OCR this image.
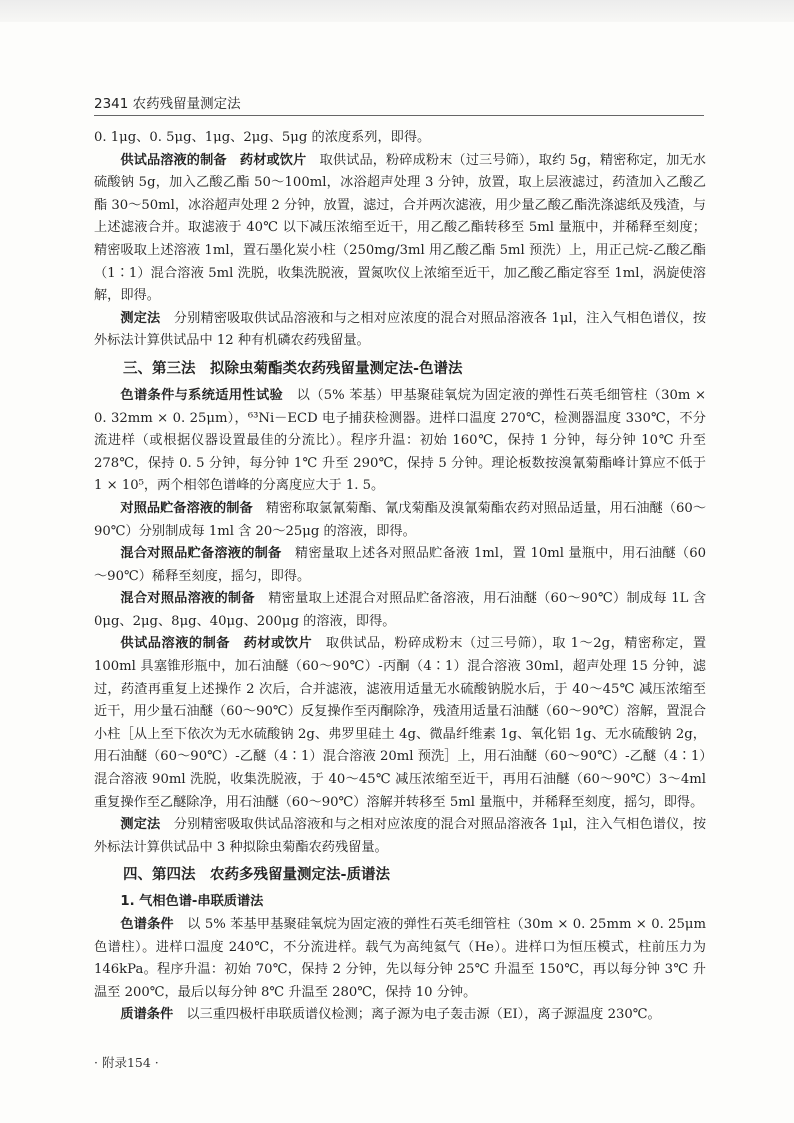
2341 农药残留量测定法

0. 1μg、0. 5μg、1μg、2μg、5μg 的浓度系列，即得。

供试品溶液的制备　药材或饮片　取供试品，粉碎成粉末（过三号筛），取约 5g，精密称定，加无水硫酸钠 5g，加入乙酸乙酯 50～100ml，冰浴超声处理 3 分钟，放置，取上层液滤过，药渣加入乙酸乙酯 30～50ml，冰浴超声处理 2 分钟，放置，滤过，合并两次滤液，用少量乙酸乙酯洗涤滤纸及残渣，与上述滤液合并。取滤液于 40℃ 以下减压浓缩至近干，用乙酸乙酯转移至 5ml 量瓶中，并稀释至刻度；精密吸取上述溶液 1ml，置石墨化炭小柱（250mg/3ml 用乙酸乙酯 5ml 预洗）上，用正己烷-乙酸乙酯（1∶1）混合溶液 5ml 洗脱，收集洗脱液，置氮吹仪上浓缩至近干，加乙酸乙酯定容至 1ml，涡旋使溶解，即得。

测定法　分别精密吸取供试品溶液和与之相对应浓度的混合对照品溶液各 1μl，注入气相色谱仪，按外标法计算供试品中 12 种有机磷农药残留量。

三、第三法　拟除虫菊酯类农药残留量测定法-色谱法

色谱条件与系统适用性试验　以（5% 苯基）甲基聚硅氧烷为固定液的弹性石英毛细管柱（30m × 0. 32mm × 0. 25μm），⁶³Ni－ECD 电子捕获检测器。进样口温度 270℃，检测器温度 330℃，不分流进样（或根据仪器设置最佳的分流比）。程序升温：初始 160℃，保持 1 分钟，每分钟 10℃ 升至 278℃，保持 0. 5 分钟，每分钟 1℃ 升至 290℃，保持 5 分钟。理论板数按溴氰菊酯峰计算应不低于 1 × 10⁵，两个相邻色谱峰的分离度应大于 1. 5。

对照品贮备溶液的制备　精密称取氯氰菊酯、氰戊菊酯及溴氰菊酯农药对照品适量，用石油醚（60～90℃）分别制成每 1ml 含 20～25μg 的溶液，即得。

混合对照品贮备溶液的制备　精密量取上述各对照品贮备液 1ml，置 10ml 量瓶中，用石油醚（60～90℃）稀释至刻度，摇匀，即得。

混合对照品溶液的制备　精密量取上述混合对照品贮备溶液，用石油醚（60～90℃）制成每 1L 含 0μg、2μg、8μg、40μg、200μg 的溶液，即得。

供试品溶液的制备　药材或饮片　取供试品，粉碎成粉末（过三号筛），取 1～2g，精密称定，置 100ml 具塞锥形瓶中，加石油醚（60～90℃）-丙酮（4∶1）混合溶液 30ml，超声处理 15 分钟，滤过，药渣再重复上述操作 2 次后，合并滤液，滤液用适量无水硫酸钠脱水后，于 40～45℃ 减压浓缩至近干，用少量石油醚（60～90℃）反复操作至丙酮除净，残渣用适量石油醚（60～90℃）溶解，置混合小柱［从上至下依次为无水硫酸钠 2g、弗罗里硅土 4g、微晶纤维素 1g、氧化铝 1g、无水硫酸钠 2g，用石油醚（60～90℃）-乙醚（4∶1）混合溶液 20ml 预洗］上，用石油醚（60～90℃）-乙醚（4∶1）混合溶液 90ml 洗脱，收集洗脱液，于 40～45℃ 减压浓缩至近干，再用石油醚（60～90℃）3～4ml 重复操作至乙醚除净，用石油醚（60～90℃）溶解并转移至 5ml 量瓶中，并稀释至刻度，摇匀，即得。

测定法　分别精密吸取供试品溶液和与之相对应浓度的混合对照品溶液各 1μl，注入气相色谱仪，按外标法计算供试品中 3 种拟除虫菊酯农药残留量。

四、第四法　农药多残留量测定法-质谱法
1. 气相色谱-串联质谱法

色谱条件　以 5% 苯基甲基聚硅氧烷为固定液的弹性石英毛细管柱（30m × 0. 25mm × 0. 25μm 色谱柱）。进样口温度 240℃，不分流进样。载气为高纯氦气（He）。进样口为恒压模式，柱前压力为 146kPa。程序升温：初始 70℃，保持 2 分钟，先以每分钟 25℃ 升温至 150℃，再以每分钟 3℃ 升温至 200℃，最后以每分钟 8℃ 升温至 280℃，保持 10 分钟。

质谱条件　以三重四极杆串联质谱仪检测；离子源为电子轰击源（EI），离子源温度 230℃。

· 附录154 ·
